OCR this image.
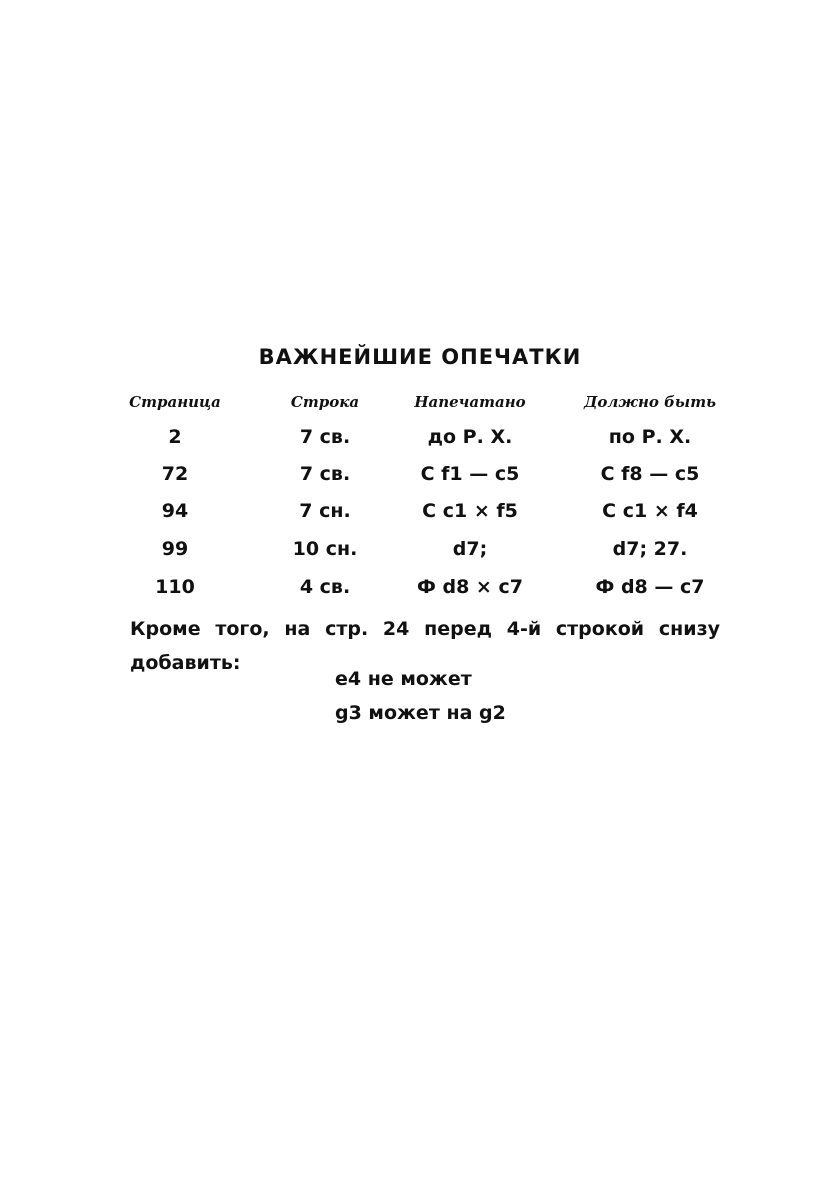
ВАЖНЕЙШИЕ ОПЕЧАТКИ
Страница	Строка	Напечатано	Должно быть
2	7 св.	до Р. Х.	по Р. Х.
72	7 св.	С f1 — c5	С f8 — c5
94	7 сн.	С c1 ⨯ f5	С c1 ⨯ f4
99	10 сн.	d7;	d7; 27.
110	4 св.	Ф d8 ⨯ c7	Ф d8 — c7
Кроме того, на стр. 24 перед 4-й строкой снизу
добавить:
e4 не может
g3 может на g2
